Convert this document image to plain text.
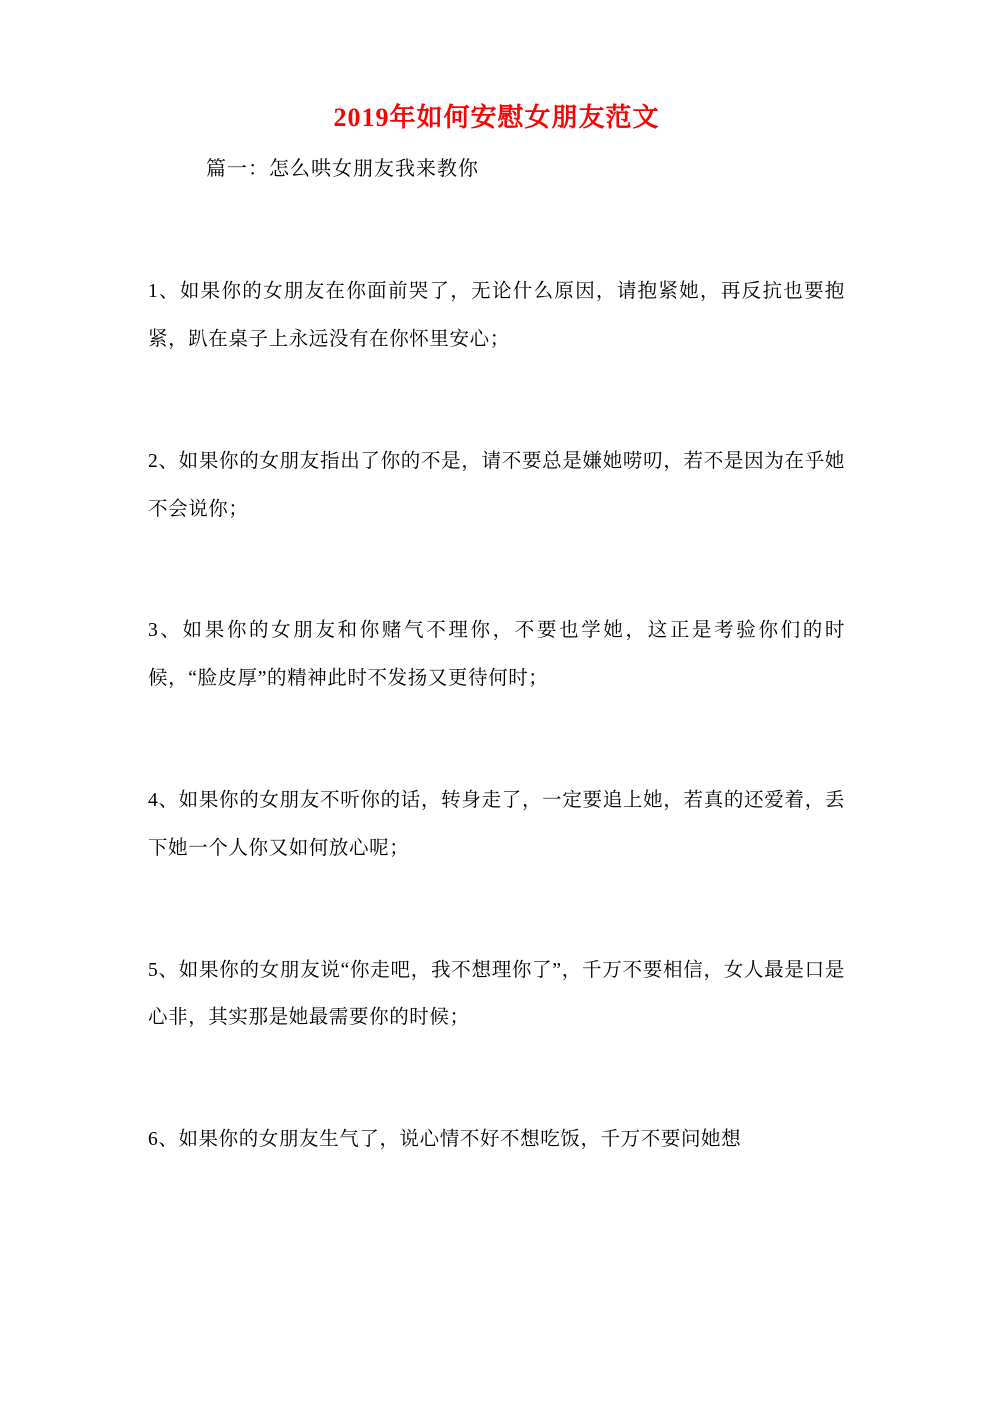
2019年如何安慰女朋友范文
篇一：怎么哄女朋友我来教你

1、如果你的女朋友在你面前哭了，无论什么原因，请抱紧她，再反抗也要抱紧，趴在桌子上永远没有在你怀里安心；

2、如果你的女朋友指出了你的不是，请不要总是嫌她唠叨，若不是因为在乎她不会说你；

3、如果你的女朋友和你赌气不理你，不要也学她，这正是考验你们的时候，“脸皮厚”的精神此时不发扬又更待何时；

4、如果你的女朋友不听你的话，转身走了，一定要追上她，若真的还爱着，丢下她一个人你又如何放心呢；

5、如果你的女朋友说“你走吧，我不想理你了”，千万不要相信，女人最是口是心非，其实那是她最需要你的时候；

6、如果你的女朋友生气了，说心情不好不想吃饭，千万不要问她想
